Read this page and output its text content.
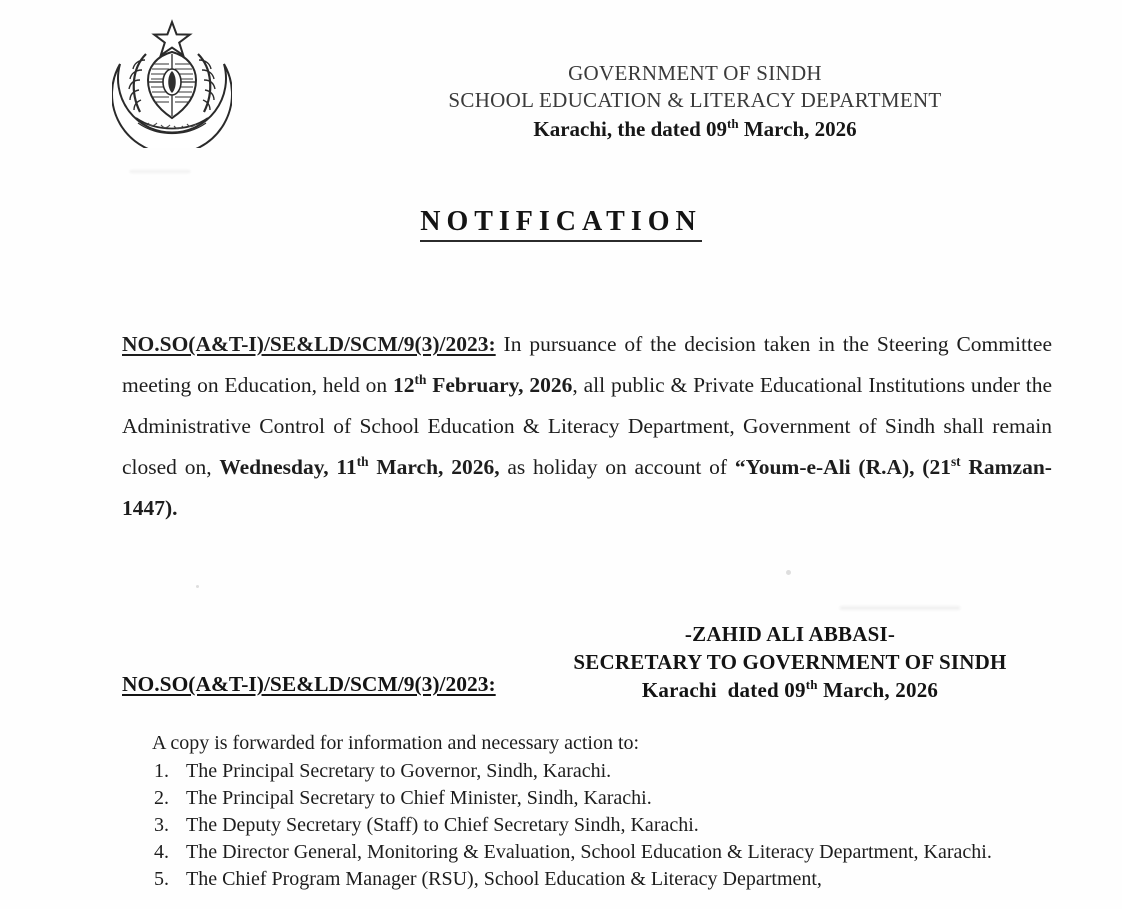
GOVERNMENT OF SINDH
SCHOOL EDUCATION & LITERACY DEPARTMENT
Karachi, the dated 09th March, 2026
NOTIFICATION
NO.SO(A&T-I)/SE&LD/SCM/9(3)/2023: In pursuance of the decision taken in the Steering Committee meeting on Education, held on 12th February, 2026, all public & Private Educational Institutions under the Administrative Control of School Education & Literacy Department, Government of Sindh shall remain closed on, Wednesday, 11th March, 2026, as holiday on account of “Youm-e-Ali (R.A), (21st Ramzan-1447).
-ZAHID ALI ABBASI-
SECRETARY TO GOVERNMENT OF SINDH
Karachi  dated 09th March, 2026
NO.SO(A&T-I)/SE&LD/SCM/9(3)/2023:
A copy is forwarded for information and necessary action to:
1. The Principal Secretary to Governor, Sindh, Karachi.
2. The Principal Secretary to Chief Minister, Sindh, Karachi.
3. The Deputy Secretary (Staff) to Chief Secretary Sindh, Karachi.
4. The Director General, Monitoring & Evaluation, School Education & Literacy Department, Karachi.
5. The Chief Program Manager (RSU), School Education & Literacy Department,
